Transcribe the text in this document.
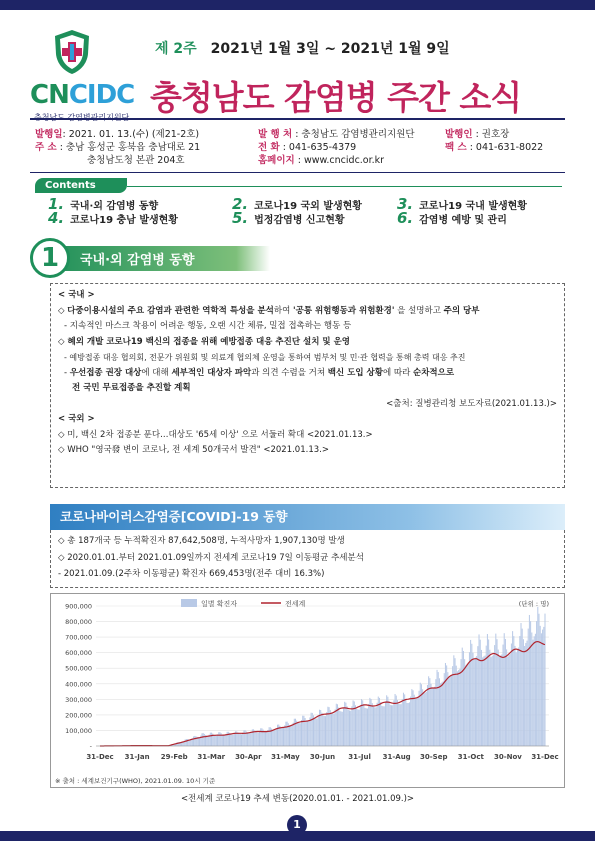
CNCIDC
충청남도 감염병관리지원단
제 2주 2021년 1월 3일 ~ 2021년 1월 9일
충청남도 감염병 주간 소식
발행일: 2021. 01. 13.(수) (제21-2호)
주 소 : 충남 홍성군 홍북읍 충남대로 21
충청남도청 본관 204호
발 행 처 : 충청남도 감염병관리지원단
전 화 : 041-635-4379
홈페이지 : www.cncidc.or.kr
발행인 : 권호장
팩 스 : 041-631-8022
Contents
1. 국내·외 감염병 동향	2. 코로나19 국외 발생현황 3. 코로나19 국내 발생현황
4. 코로나19 충남 발생현황	5. 법정감염병 신고현황	6. 감염병 예방 및 관리
1	국내·외 감염병 동향
< 국내 >
◇ 다중이용시설의 주요 감염과 관련한 역학적 특성을 분석하여 '공통 위험행동과 위험환경' 을 설명하고 주의 당부
- 지속적인 마스크 착용이 어려운 행동, 오랜 시간 체류, 밀접 접촉하는 행동 등
◇ 혜외 개발 코로나19 백신의 접종을 위해 예방접종 대응 추진단 설치 및 운영
- 예방접종 대응 협의회, 전문가 위원회 및 의료계 협의체 운영을 통하여 범부처 및 민·관 협력을 통해 총력 대응 추진
- 우선접종 권장 대상에 대해 세부적인 대상자 파악과 의견 수렴을 거쳐 백신 도입 상황에 따라 순차적으로
전 국민 무료접종을 추진할 계획
<출처: 질병관리청 보도자료(2021.01.13.)>
< 국외 >
◇ 미, 백신 2차 접종분 푼다…대상도 '65세 이상' 으로 서둘러 확대 <2021.01.13.>
◇ WHO "영국發 변이 코로나, 전 세계 50개국서 발견" <2021.01.13.>
코로나바이러스감염증[COVID]-19 동향
◇ 총 187개국 등 누적확진자 87,642,508명, 누적사망자 1,907,130명 발생
◇ 2020.01.01.부터 2021.01.09일까지 전세계 코로나19 7일 이동평균 추세분석
- 2021.01.09.(2주차 이동평균) 확진자 669,453명(전주 대비 16.3%)
-
100,000
200,000
300,000
400,000
500,000
600,000
700,000
800,000
900,000
31-Dec 31-Jan 29-Feb 31-Mar 30-Apr 31-May 30-Jun 31-Jul 31-Aug 30-Sep 31-Oct 30-Nov 31-Dec
일별 확진자	전세계	(단위 : 명)
※ 출처 : 세계보건기구(WHO), 2021.01.09. 10시 기준
<전세계 코로나19 추세 변동(2020.01.01. - 2021.01.09.)>
1
